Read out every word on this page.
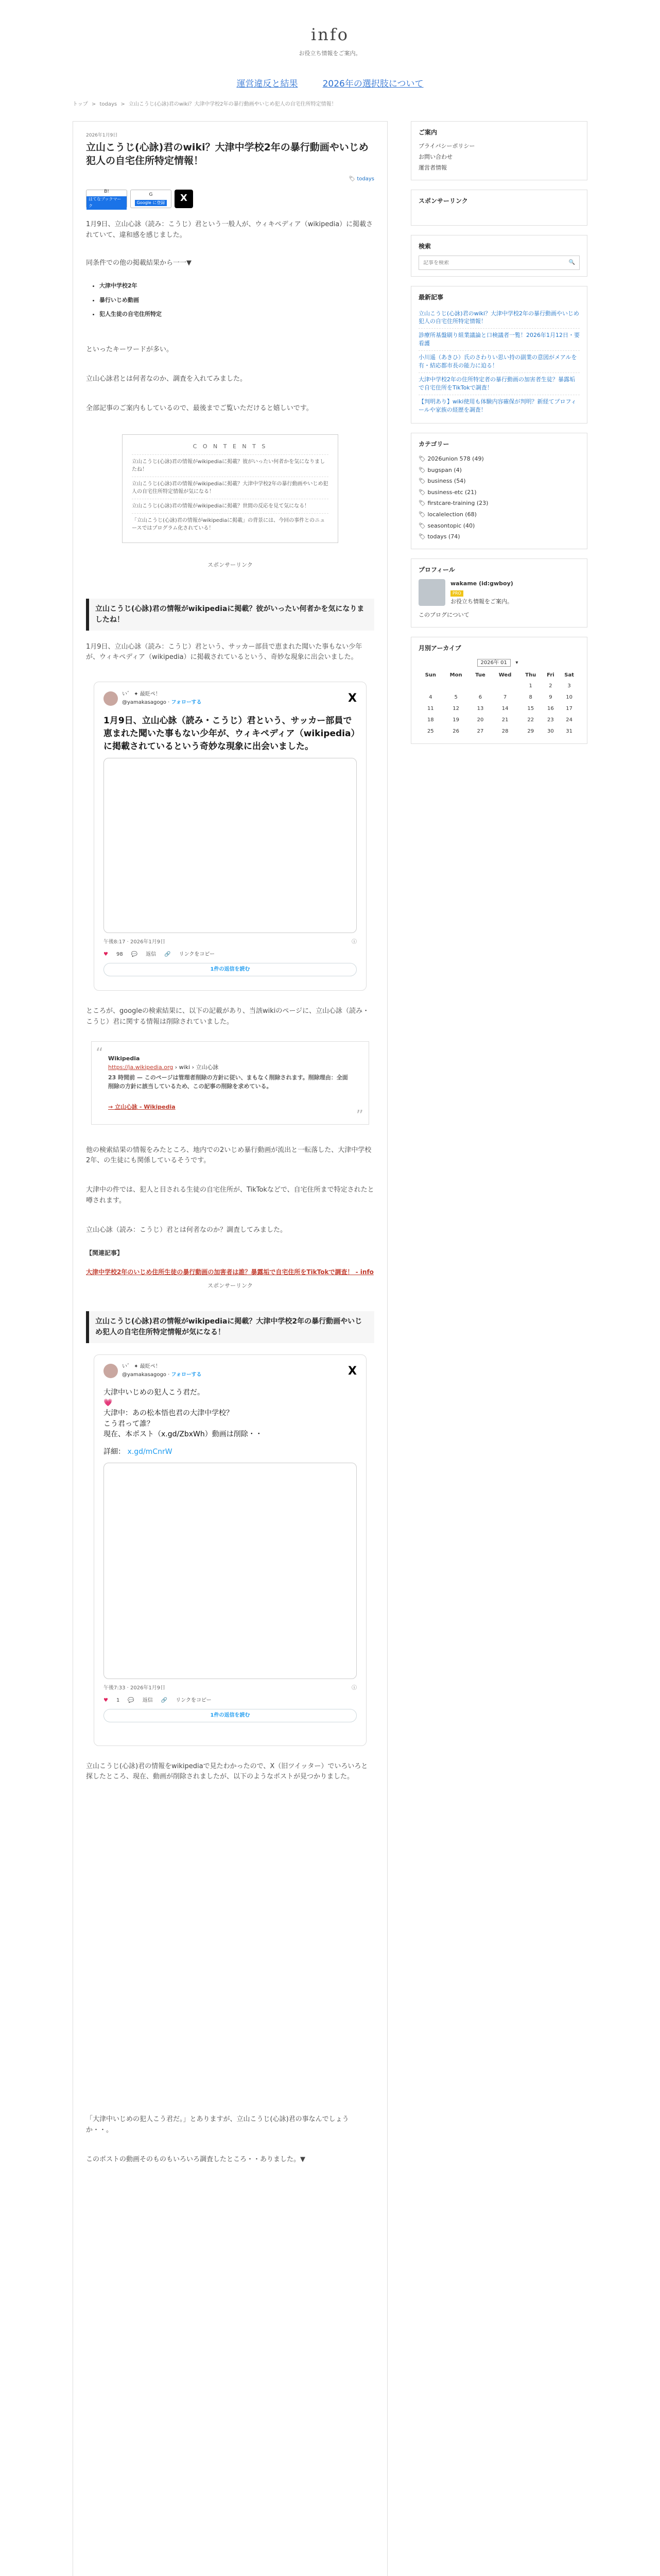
info
お役立ち情報をご案内。
運営違反と結果	2026年の選択肢について
トップ > todays > 立山こうじ(心詠)君のwiki？大津中学校2年の暴行動画やいじめ犯人の自宅住所特定情報！
2026年1月9日
立山こうじ(心詠)君のwiki？大津中学校2年の暴行動画やいじめ犯人の自宅住所特定情報！
🏷 todays
B!
はてなブックマーク
G
Google に登録	X

1月9日、立山心詠（読み：こうじ）君という一般人が、ウィキペディア（wikipedia）に掲載されていて、違和感を感じました。

同条件での他の掲載結果から一一▼

• 大津中学校2年
• 暴行いじめ動画
• 犯人生徒の自宅住所特定

といったキーワードが多い。

立山心詠君とは何者なのか、調査を入れてみました。

全部記事のご案内もしているので、最後までご覧いただけると嬉しいです。

C O N T E N T S
立山こうじ(心詠)君の情報がwikipediaに掲載？彼がいったい何者かを気になりましたね！
立山こうじ(心詠)君の情報がwikipediaに掲載？大津中学校2年の暴行動画やいじめ犯人の自宅住所特定情報が気になる！
立山こうじ(心詠)君の情報がwikipediaに掲載？世間の反応を見て気になる！
「立山こうじ(心詠)君の情報がwikipediaに掲載」の背景には、今回の事件とのニュースではプログラム化されている！
スポンサーリンク
立山こうじ(心詠)君の情報がwikipediaに掲載？彼がいったい何者かを気になりましたね！

1月9日、立山心詠（読み：こうじ）君という、サッカー部員で恵まれた聞いた事もない少年が、ウィキペディア（wikipedia）に掲載されているという、奇妙な現象に出会いました。

い゛ ✦ 最貶ペ！
@yamakasagogo · フォローする	X
1月9日、立山心詠（読み・こうじ）君という、サッカー部員で恵まれた聞いた事もない少年が、ウィキペディア（wikipedia）に掲載されているという奇妙な現象に出会いました。
午後8:17 · 2026年1月9日	ⓘ
♥ 98 💬 返信 🔗 リンクをコピー
1件の返信を読む

ところが、googleの検索結果に、以下の記載があり、当該wikiのページに、立山心詠（読み・こうじ）君に関する情報は削除されていました。

“ Wikipedia
https://ja.wikipedia.org › wiki › 立山心詠
23 時間前 — このページは管理者削除の方針に従い、まもなく削除されます。削除理由：全面削除の方針に該当しているため、この記事の削除を求めている。
→ 立山心詠 - Wikipedia
”

他の検索結果の情報をみたところ、地内での2いじめ暴行動画が流出と一転落した、大津中学校2年、の生徒にも関係しているそうです。

大津中の件では、犯人と目される生徒の自宅住所が、TikTokなどで、自宅住所まで特定されたと噂されます。

立山心詠（読み：こうじ）君とは何者なのか？調査してみました。

【関連記事】
大津中学校2年のいじめ住所生徒の暴行動画の加害者は誰？暴露垢で自宅住所をTikTokで調査！ - info
スポンサーリンク
立山こうじ(心詠)君の情報がwikipediaに掲載？大津中学校2年の暴行動画やいじめ犯人の自宅住所特定情報が気になる！
い゛ ✦ 最貶ペ！
@yamakasagogo · フォローする	X
大津中いじめの犯人こう君だ。
💗
大津中：あの松本悟也君の大津中学校？
こう君って誰？
現在、本ポスト（x.gd/ZbxWh）動画は削除・・
詳細： x.gd/mCnrW
午後7:33 · 2026年1月9日	ⓘ
♥ 1 💬 返信 🔗 リンクをコピー
1件の返信を読む

立山こうじ(心詠)君の情報をwikipediaで見たわかったので、X（旧ツイッター）でいろいろと探したところ、現在、動画が削除されましたが、以下のようなポストが見つかりました。

「大津中いじめの犯人こう君だ。」とありますが、立山こうじ(心詠)君の事なんでしょうか・・。

このポストの動画そのものもいろいろ調査したところ・・ありました。▼

ご案内
プライバシーポリシー
お問い合わせ
運営者情報
スポンサーリンク
検索
記事を検索
🔍
最新記事
立山こうじ(心詠)君のwiki？大津中学校2年の暴行動画やいじめ犯人の自宅住所特定情報！
診療所基盤刷り組業議論と口検議者一覧！2026年1月12日・要看護
小川遥（あきひ）氏のさわりい思い持の副業の意図がメアルを有・結応都市長の能力に迫る！
大津中学校2年の住所特定者の暴行動画の加害者生徒？暴露垢で自宅住所をTikTokで調査！
【判明あり】wiki使用も体験内容確保が判明？新経てプロフィールや家族の経歴を調査！
カテゴリー
🏷 2026union 578 (49)
🏷 bugspan (4)
🏷 business (54)
🏷 business-etc (21)
🏷 firstcare-training (23)
🏷 localelection (68)
🏷 seasontopic (40)
🏷 todays (74)
プロフィール
wakame (id:gwboy)
PRO
お役立ち情報をご案内。
このブログについて
月別アーカイブ
2026年 01 ▾
Sun	Mon	Tue	Wed	Thu	Fri	Sat
				1	2	3
4	5	6	7	8	9	10
11	12	13	14	15	16	17
18	19	20	21	22	23	24
25	26	27	28	29	30	31
